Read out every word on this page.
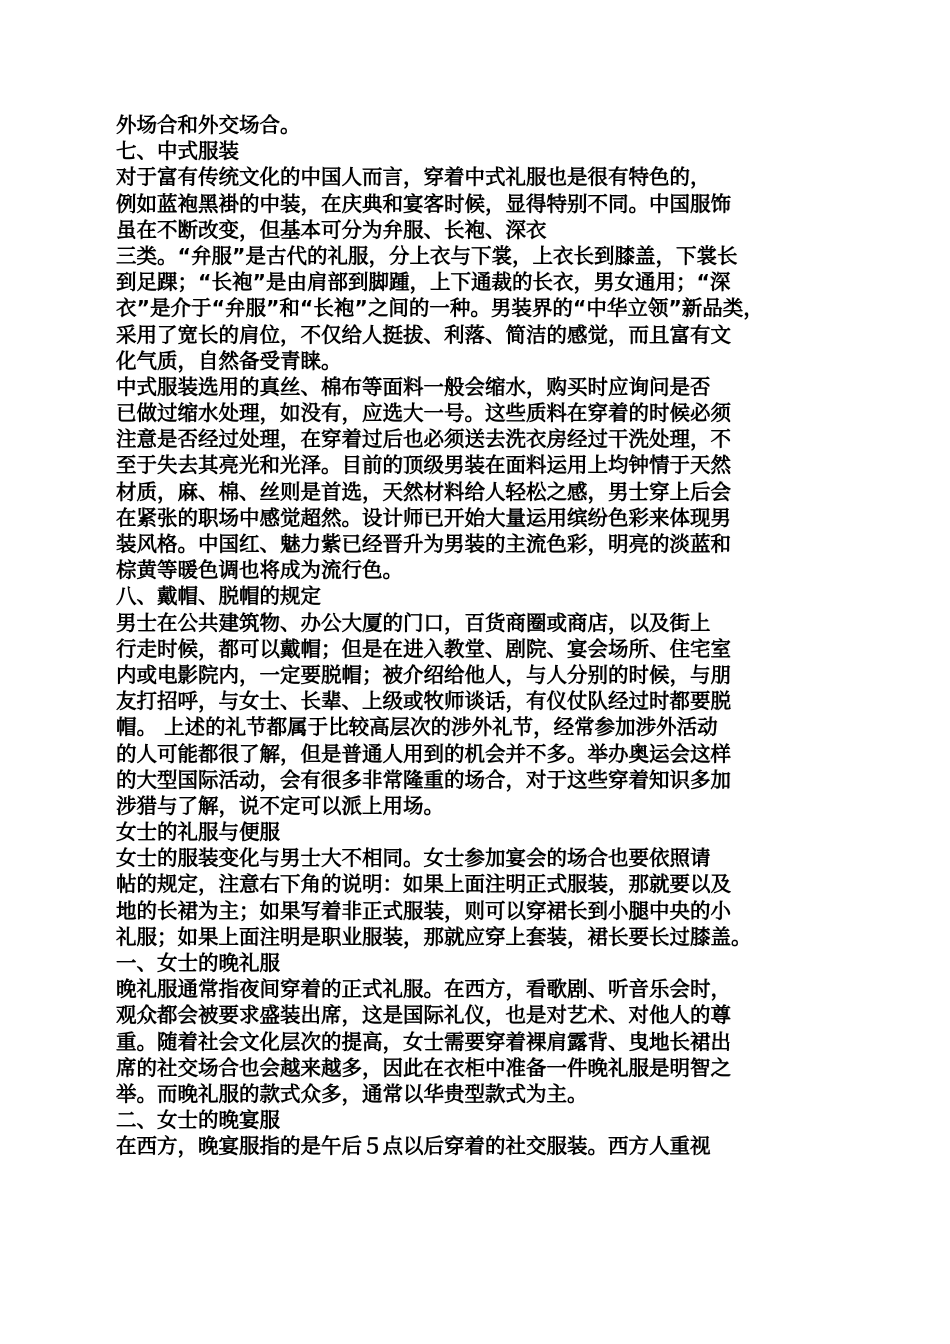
外场合和外交场合。
七、中式服装
对于富有传统文化的中国人而言，穿着中式礼服也是很有特色的，
例如蓝袍黑褂的中装，在庆典和宴客时候，显得特别不同。中国服饰
虽在不断改变，但基本可分为弁服、长袍、深衣
三类。“弁服”是古代的礼服，分上衣与下裳，上衣长到膝盖，下裳长
到足踝；“长袍”是由肩部到脚踵，上下通裁的长衣，男女通用；“深
衣”是介于“弁服”和“长袍”之间的一种。男装界的“中华立领”新品类，
采用了宽长的肩位，不仅给人挺拔、利落、简洁的感觉，而且富有文
化气质，自然备受青睐。
中式服装选用的真丝、棉布等面料一般会缩水，购买时应询问是否
已做过缩水处理，如没有，应选大一号。这些质料在穿着的时候必须
注意是否经过处理，在穿着过后也必须送去洗衣房经过干洗处理，不
至于失去其亮光和光泽。目前的顶级男装在面料运用上均钟情于天然
材质，麻、棉、丝则是首选，天然材料给人轻松之感，男士穿上后会
在紧张的职场中感觉超然。设计师已开始大量运用缤纷色彩来体现男
装风格。中国红、魅力紫已经晋升为男装的主流色彩，明亮的淡蓝和
棕黄等暖色调也将成为流行色。
八、戴帽、脱帽的规定
男士在公共建筑物、办公大厦的门口，百货商圈或商店，以及街上
行走时候，都可以戴帽；但是在进入教堂、剧院、宴会场所、住宅室
内或电影院内，一定要脱帽；被介绍给他人，与人分别的时候，与朋
友打招呼，与女士、长辈、上级或牧师谈话，有仪仗队经过时都要脱
帽。 上述的礼节都属于比较高层次的涉外礼节，经常参加涉外活动
的人可能都很了解，但是普通人用到的机会并不多。举办奥运会这样
的大型国际活动，会有很多非常隆重的场合，对于这些穿着知识多加
涉猎与了解，说不定可以派上用场。
女士的礼服与便服
女士的服装变化与男士大不相同。女士参加宴会的场合也要依照请
帖的规定，注意右下角的说明：如果上面注明正式服装，那就要以及
地的长裙为主；如果写着非正式服装，则可以穿裙长到小腿中央的小
礼服；如果上面注明是职业服装，那就应穿上套装，裙长要长过膝盖。
一、女士的晚礼服
晚礼服通常指夜间穿着的正式礼服。在西方，看歌剧、听音乐会时，
观众都会被要求盛装出席，这是国际礼仪，也是对艺术、对他人的尊
重。随着社会文化层次的提高，女士需要穿着裸肩露背、曳地长裙出
席的社交场合也会越来越多，因此在衣柜中准备一件晚礼服是明智之
举。而晚礼服的款式众多，通常以华贵型款式为主。
二、女士的晚宴服
在西方，晚宴服指的是午后５点以后穿着的社交服装。西方人重视
